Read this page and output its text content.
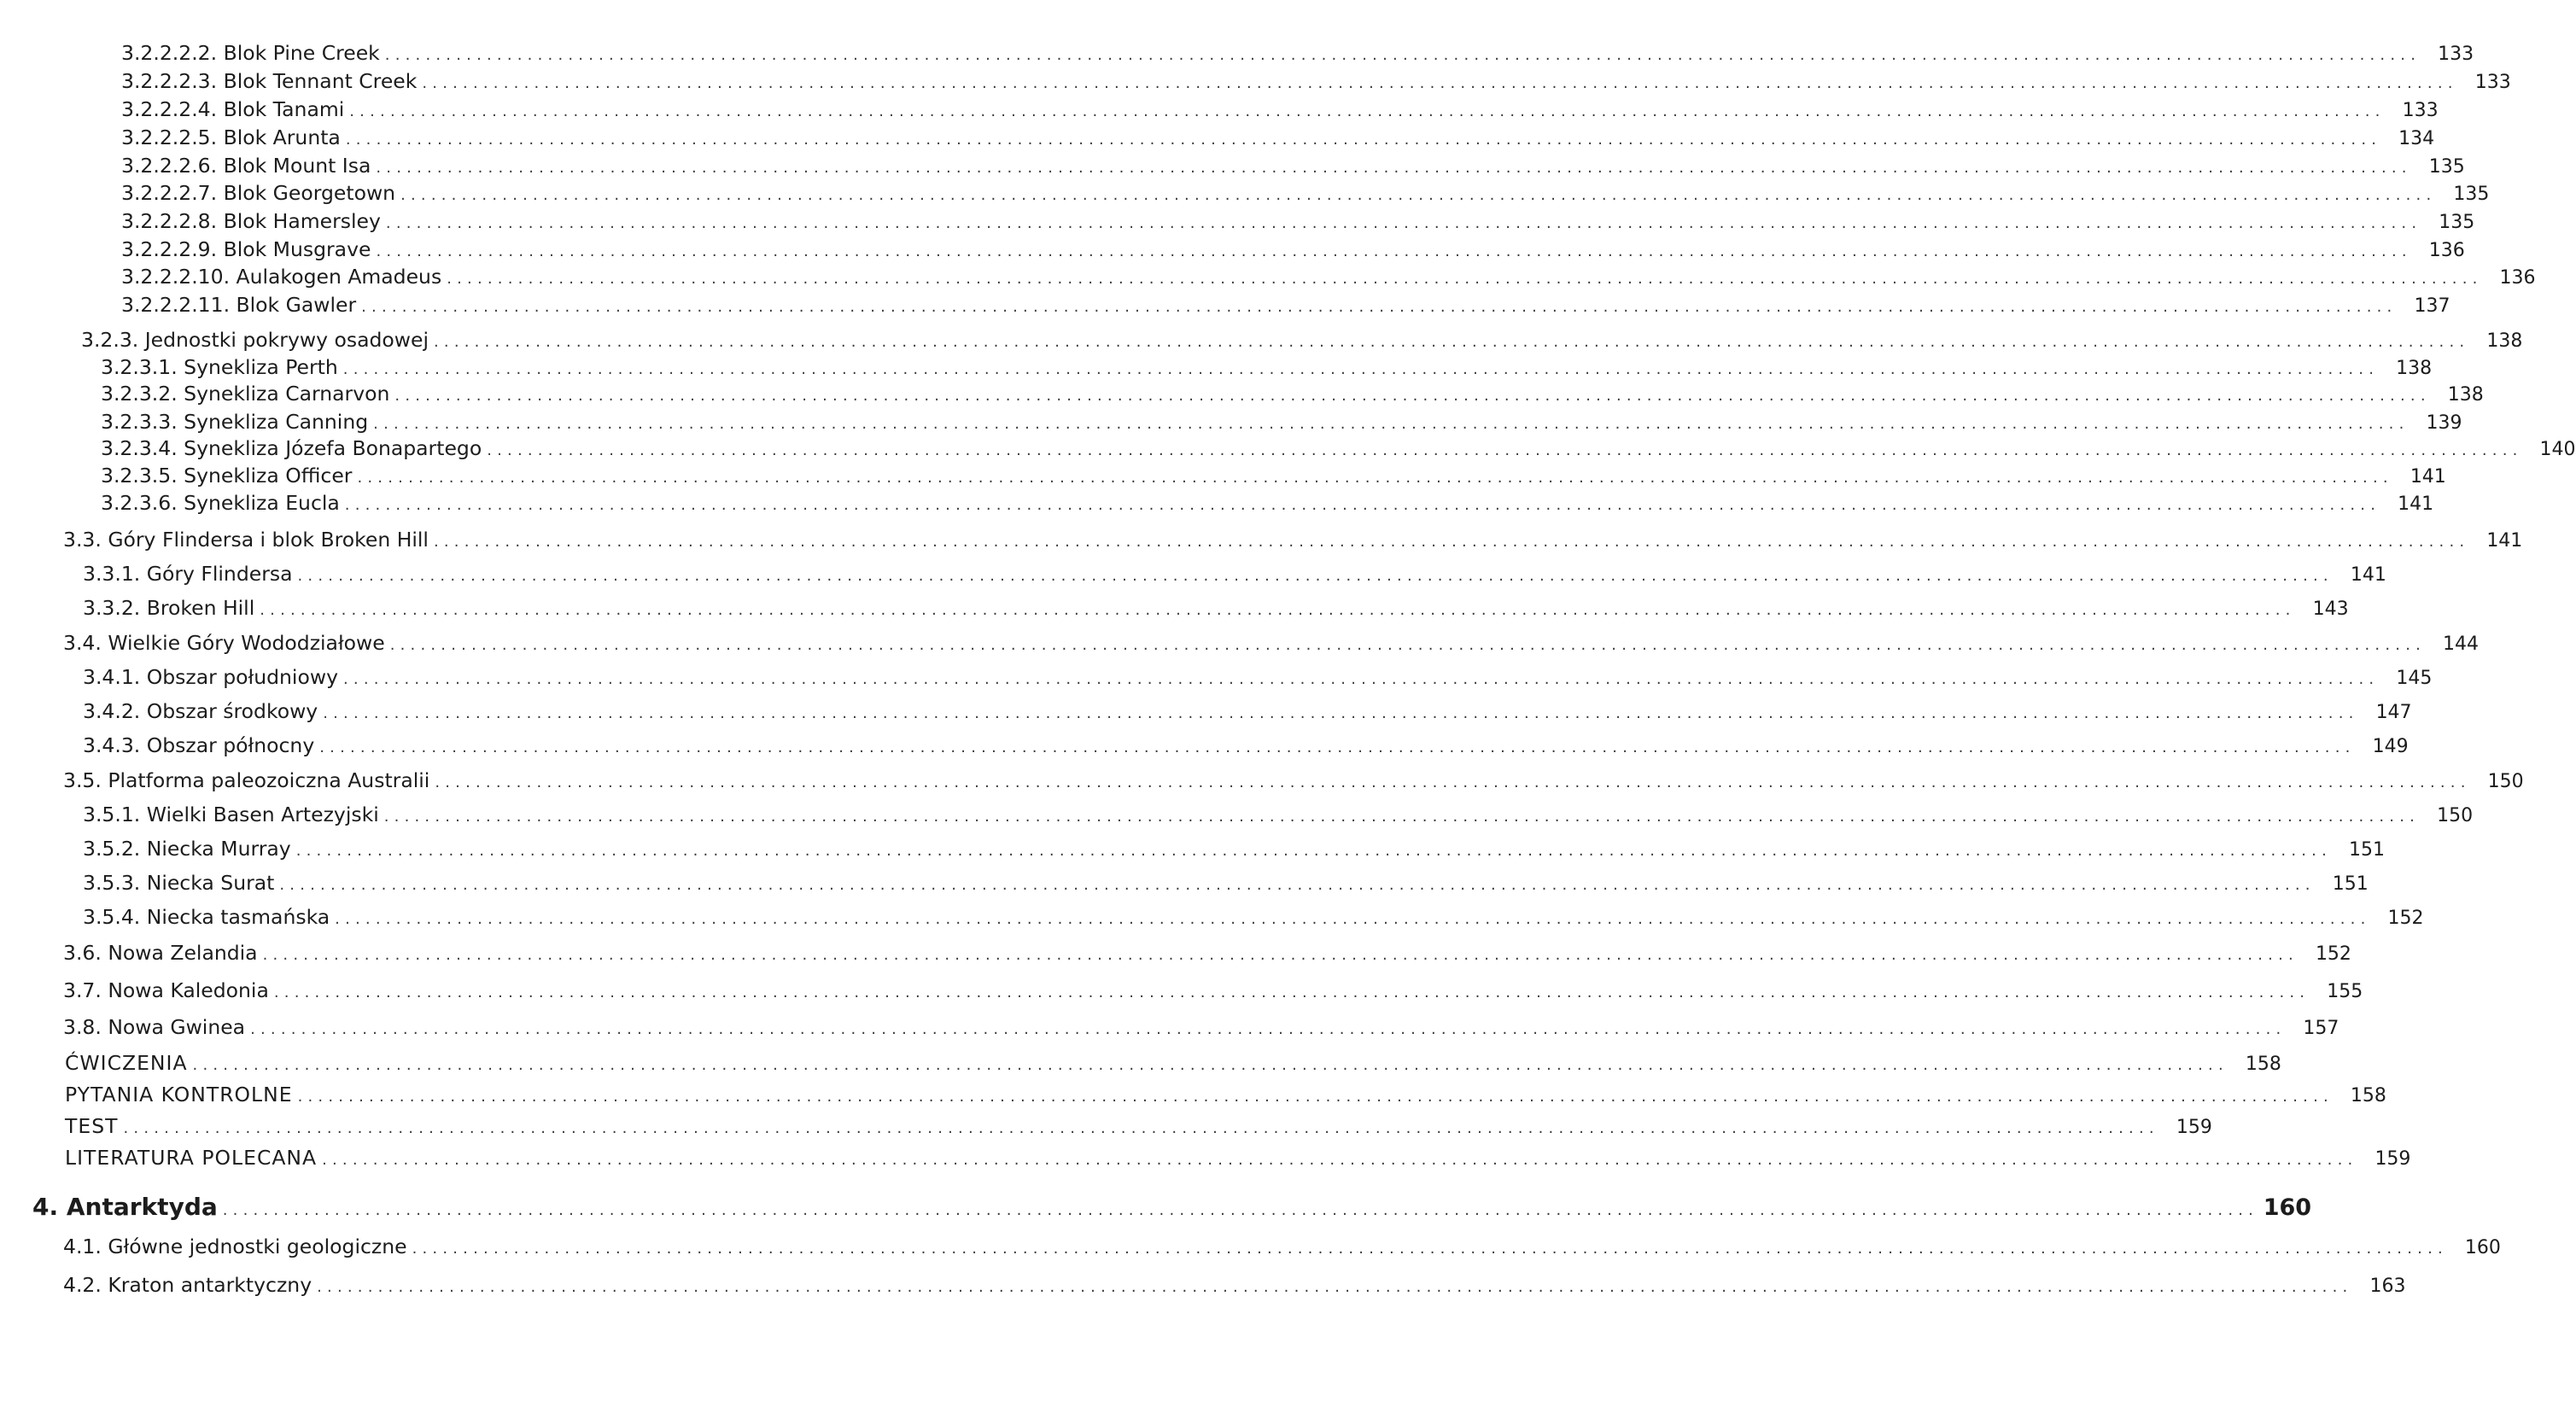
3.2.2.2.2. Blok Pine Creek ........................................................................................................................................................................................................ 133
3.2.2.2.3. Blok Tennant Creek ........................................................................................................................................................................................................ 133
3.2.2.2.4. Blok Tanami ........................................................................................................................................................................................................ 133
3.2.2.2.5. Blok Arunta ........................................................................................................................................................................................................ 134
3.2.2.2.6. Blok Mount Isa ........................................................................................................................................................................................................ 135
3.2.2.2.7. Blok Georgetown ........................................................................................................................................................................................................ 135
3.2.2.2.8. Blok Hamersley ........................................................................................................................................................................................................ 135
3.2.2.2.9. Blok Musgrave ........................................................................................................................................................................................................ 136
3.2.2.2.10. Aulakogen Amadeus ........................................................................................................................................................................................................ 136
3.2.2.2.11. Blok Gawler ........................................................................................................................................................................................................ 137
3.2.3. Jednostki pokrywy osadowej ........................................................................................................................................................................................................ 138
3.2.3.1. Synekliza Perth ........................................................................................................................................................................................................ 138
3.2.3.2. Synekliza Carnarvon ........................................................................................................................................................................................................ 138
3.2.3.3. Synekliza Canning ........................................................................................................................................................................................................ 139
3.2.3.4. Synekliza Józefa Bonapartego ........................................................................................................................................................................................................ 140
3.2.3.5. Synekliza Officer ........................................................................................................................................................................................................ 141
3.2.3.6. Synekliza Eucla ........................................................................................................................................................................................................ 141
3.3. Góry Flindersa i blok Broken Hill ........................................................................................................................................................................................................ 141
3.3.1. Góry Flindersa ........................................................................................................................................................................................................ 141
3.3.2. Broken Hill ........................................................................................................................................................................................................ 143
3.4. Wielkie Góry Wododziałowe ........................................................................................................................................................................................................ 144
3.4.1. Obszar południowy ........................................................................................................................................................................................................ 145
3.4.2. Obszar środkowy ........................................................................................................................................................................................................ 147
3.4.3. Obszar północny ........................................................................................................................................................................................................ 149
3.5. Platforma paleozoiczna Australii ........................................................................................................................................................................................................ 150
3.5.1. Wielki Basen Artezyjski ........................................................................................................................................................................................................ 150
3.5.2. Niecka Murray ........................................................................................................................................................................................................ 151
3.5.3. Niecka Surat ........................................................................................................................................................................................................ 151
3.5.4. Niecka tasmańska ........................................................................................................................................................................................................ 152
3.6. Nowa Zelandia ........................................................................................................................................................................................................ 152
3.7. Nowa Kaledonia ........................................................................................................................................................................................................ 155
3.8. Nowa Gwinea ........................................................................................................................................................................................................ 157
ĆWICZENIA ........................................................................................................................................................................................................ 158
PYTANIA KONTROLNE ........................................................................................................................................................................................................ 158
TEST ........................................................................................................................................................................................................ 159
LITERATURA POLECANA ........................................................................................................................................................................................................ 159
4. Antarktyda ........................................................................................................................................................................................................ 160
4.1. Główne jednostki geologiczne ........................................................................................................................................................................................................ 160
4.2. Kraton antarktyczny ........................................................................................................................................................................................................ 163
